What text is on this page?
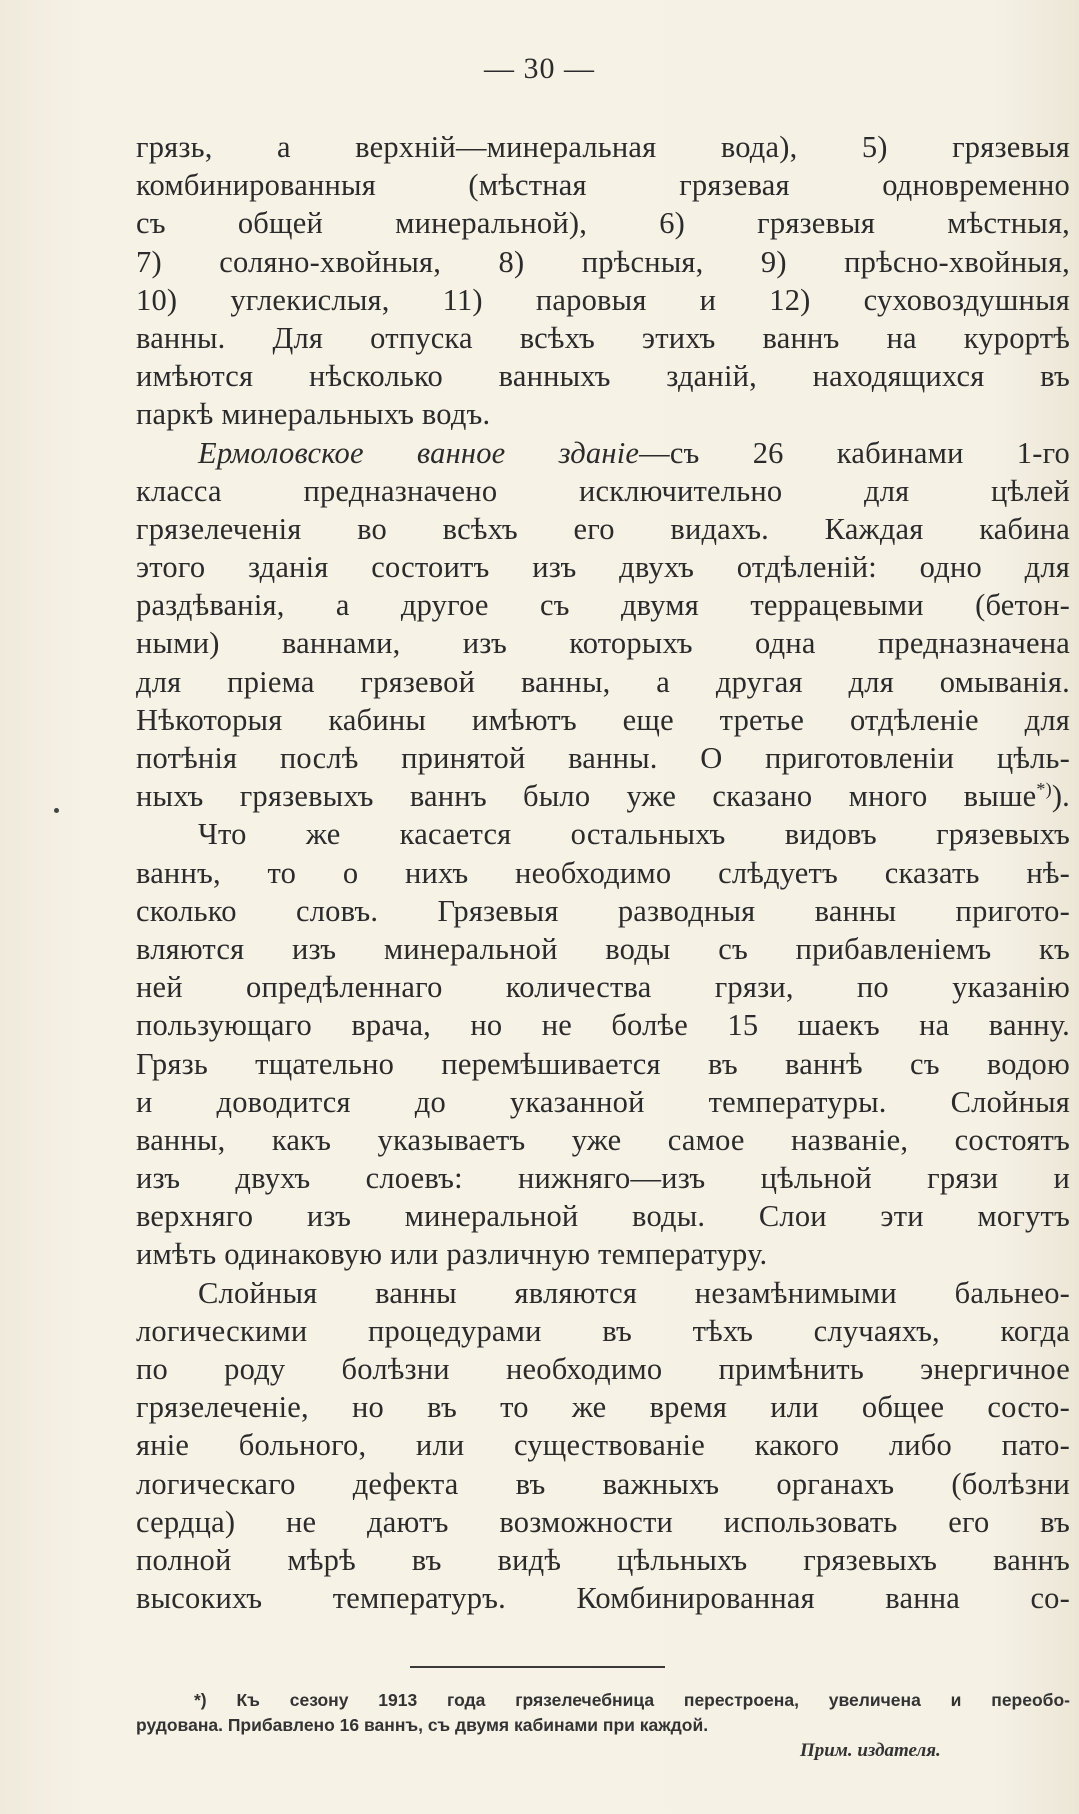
— 30 —
грязь, а верхній—минеральная вода), 5) грязевыя
комбинированныя (мѣстная грязевая одновременно
съ общей минеральной), 6) грязевыя мѣстныя,
7) соляно-хвойныя, 8) прѣсныя, 9) прѣсно-хвойныя,
10) углекислыя, 11) паровыя и 12) суховоздушныя
ванны. Для отпуска всѣхъ этихъ ваннъ на курортѣ
имѣются нѣсколько ванныхъ зданій, находящихся въ
паркѣ минеральныхъ водъ.
Ермоловское ванное зданіе—съ 26 кабинами 1-го
класса предназначено исключительно для цѣлей
грязелеченія во всѣхъ его видахъ. Каждая кабина
этого зданія состоитъ изъ двухъ отдѣленій: одно для
раздѣванія, а другое съ двумя террацевыми (бетон-
ными) ваннами, изъ которыхъ одна предназначена
для пріема грязевой ванны, а другая для омыванія.
Нѣкоторыя кабины имѣютъ еще третье отдѣленіе для
потѣнія послѣ принятой ванны. О приготовленіи цѣль-
ныхъ грязевыхъ ваннъ было уже сказано много выше*)).
Что же касается остальныхъ видовъ грязевыхъ
ваннъ, то о нихъ необходимо слѣдуетъ сказать нѣ-
сколько словъ. Грязевыя разводныя ванны пригото-
вляются изъ минеральной воды съ прибавленіемъ къ
ней опредѣленнаго количества грязи, по указанію
пользующаго врача, но не болѣе 15 шаекъ на ванну.
Грязь тщательно перемѣшивается въ ваннѣ съ водою
и доводится до указанной температуры. Слойныя
ванны, какъ указываетъ уже самое названіе, состоятъ
изъ двухъ слоевъ: нижняго—изъ цѣльной грязи и
верхняго изъ минеральной воды. Слои эти могутъ
имѣть одинаковую или различную температуру.
Слойныя ванны являются незамѣнимыми бальнео-
логическими процедурами въ тѣхъ случаяхъ, когда
по роду болѣзни необходимо примѣнить энергичное
грязелеченіе, но въ то же время или общее состо-
яніе больного, или существованіе какого либо пато-
логическаго дефекта въ важныхъ органахъ (болѣзни
сердца) не даютъ возможности использовать его въ
полной мѣрѣ въ видѣ цѣльныхъ грязевыхъ ваннъ
высокихъ температуръ. Комбинированная ванна со-
*) Къ сезону 1913 года грязелечебница перестроена, увеличена и переобо-
рудована. Прибавлено 16 ваннъ, съ двумя кабинами при каждой.
Прим. издателя.
